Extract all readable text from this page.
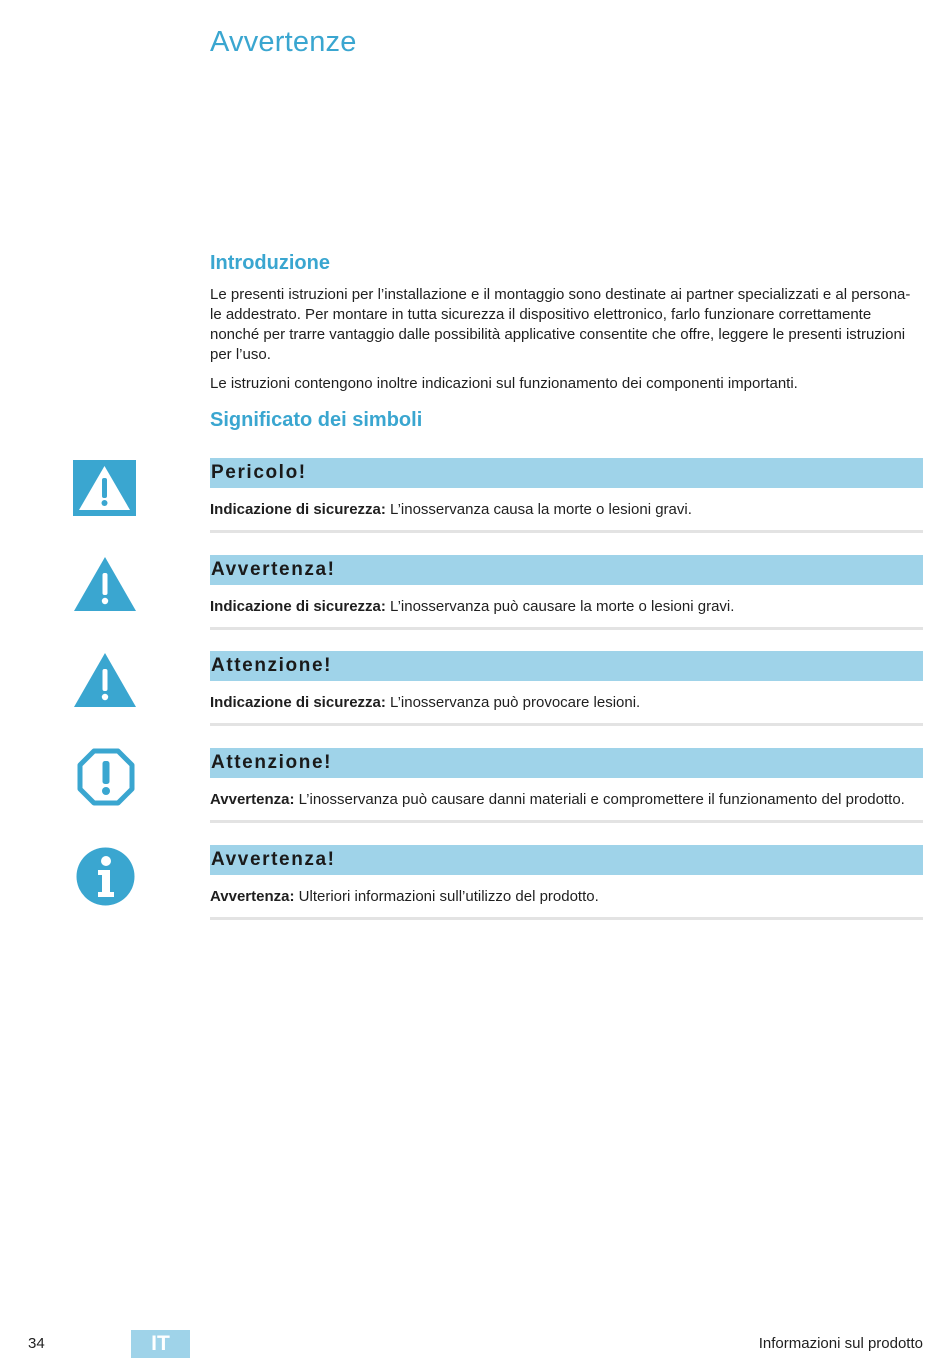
Avvertenze
Introduzione

Le presenti istruzioni per l’installazione e il montaggio sono destinate ai partner specializzati e al persona-le addestrato. Per montare in tutta sicurezza il dispositivo elettronico, farlo funzionare correttamente nonché per trarre vantaggio dalle possibilità applicative consentite che offre, leggere le presenti istruzioni per l’uso.

Le istruzioni contengono inoltre indicazioni sul funzionamento dei componenti importanti.

Significato dei simboli
Pericolo!
Indicazione di sicurezza: L’inosservanza causa la morte o lesioni gravi.
Avvertenza!
Indicazione di sicurezza: L’inosservanza può causare la morte o lesioni gravi.
Attenzione!
Indicazione di sicurezza: L’inosservanza può provocare lesioni.
Attenzione!
Avvertenza: L’inosservanza può causare danni materiali e compromettere il funzionamento del prodotto.
Avvertenza!
Avvertenza: Ulteriori informazioni sull’utilizzo del prodotto.
34	IT	Informazioni sul prodotto
